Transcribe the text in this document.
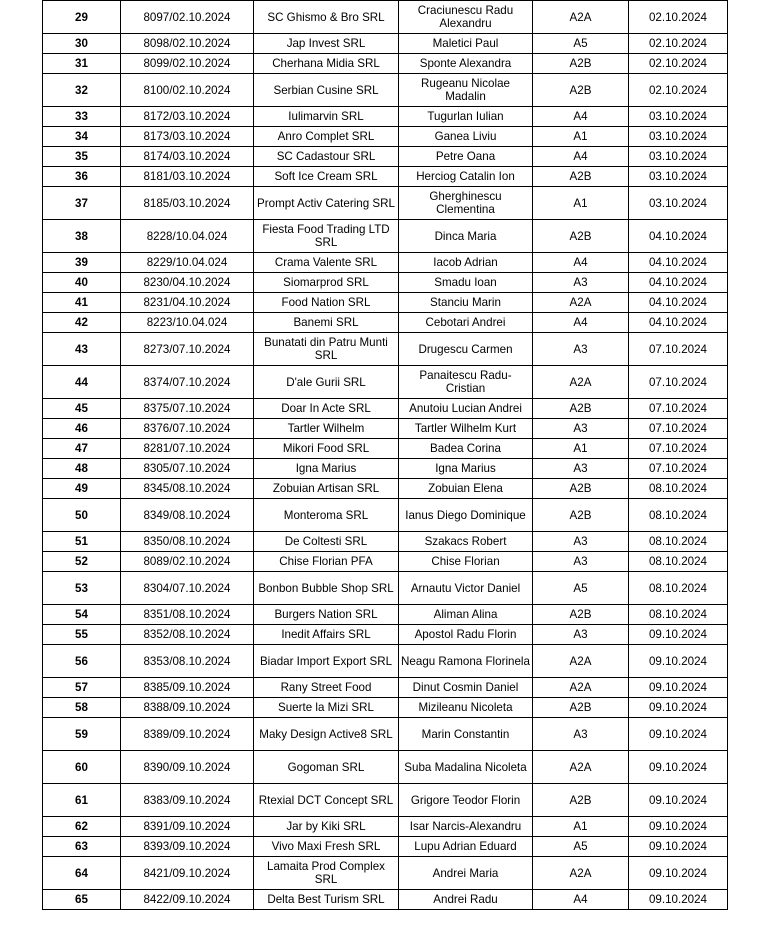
29	8097/02.10.2024	SC Ghismo & Bro SRL	Craciunescu Radu Alexandru	A2A	02.10.2024
30	8098/02.10.2024	Jap Invest SRL	Maletici Paul	A5	02.10.2024
31	8099/02.10.2024	Cherhana Midia SRL	Sponte Alexandra	A2B	02.10.2024
32	8100/02.10.2024	Serbian Cusine SRL	Rugeanu Nicolae Madalin	A2B	02.10.2024
33	8172/03.10.2024	Iulimarvin SRL	Tugurlan Iulian	A4	03.10.2024
34	8173/03.10.2024	Anro Complet SRL	Ganea Liviu	A1	03.10.2024
35	8174/03.10.2024	SC Cadastour SRL	Petre Oana	A4	03.10.2024
36	8181/03.10.2024	Soft Ice Cream SRL	Herciog Catalin Ion	A2B	03.10.2024
37	8185/03.10.2024	Prompt Activ Catering SRL	Gherghinescu Clementina	A1	03.10.2024
38	8228/10.04.024	Fiesta Food Trading LTD SRL	Dinca Maria	A2B	04.10.2024
39	8229/10.04.024	Crama Valente SRL	Iacob Adrian	A4	04.10.2024
40	8230/04.10.2024	Siomarprod SRL	Smadu Ioan	A3	04.10.2024
41	8231/04.10.2024	Food Nation SRL	Stanciu Marin	A2A	04.10.2024
42	8223/10.04.024	Banemi SRL	Cebotari Andrei	A4	04.10.2024
43	8273/07.10.2024	Bunatati din Patru Munti SRL	Drugescu Carmen	A3	07.10.2024
44	8374/07.10.2024	D'ale Gurii SRL	Panaitescu Radu-Cristian	A2A	07.10.2024
45	8375/07.10.2024	Doar In Acte SRL	Anutoiu Lucian Andrei	A2B	07.10.2024
46	8376/07.10.2024	Tartler Wilhelm	Tartler Wilhelm Kurt	A3	07.10.2024
47	8281/07.10.2024	Mikori Food SRL	Badea Corina	A1	07.10.2024
48	8305/07.10.2024	Igna Marius	Igna Marius	A3	07.10.2024
49	8345/08.10.2024	Zobuian Artisan SRL	Zobuian Elena	A2B	08.10.2024
50	8349/08.10.2024	Monteroma SRL	Ianus Diego Dominique	A2B	08.10.2024
51	8350/08.10.2024	De Coltesti SRL	Szakacs Robert	A3	08.10.2024
52	8089/02.10.2024	Chise Florian PFA	Chise Florian	A3	08.10.2024
53	8304/07.10.2024	Bonbon Bubble Shop SRL	Arnautu Victor Daniel	A5	08.10.2024
54	8351/08.10.2024	Burgers Nation SRL	Aliman Alina	A2B	08.10.2024
55	8352/08.10.2024	Inedit Affairs SRL	Apostol Radu Florin	A3	09.10.2024
56	8353/08.10.2024	Biadar Import Export SRL	Neagu Ramona Florinela	A2A	09.10.2024
57	8385/09.10.2024	Rany Street Food	Dinut Cosmin Daniel	A2A	09.10.2024
58	8388/09.10.2024	Suerte la Mizi SRL	Mizileanu Nicoleta	A2B	09.10.2024
59	8389/09.10.2024	Maky Design Active8 SRL	Marin Constantin	A3	09.10.2024
60	8390/09.10.2024	Gogoman SRL	Suba Madalina Nicoleta	A2A	09.10.2024
61	8383/09.10.2024	Rtexial DCT Concept SRL	Grigore Teodor Florin	A2B	09.10.2024
62	8391/09.10.2024	Jar by Kiki SRL	Isar Narcis-Alexandru	A1	09.10.2024
63	8393/09.10.2024	Vivo Maxi Fresh SRL	Lupu Adrian Eduard	A5	09.10.2024
64	8421/09.10.2024	Lamaita Prod Complex SRL	Andrei Maria	A2A	09.10.2024
65	8422/09.10.2024	Delta Best Turism SRL	Andrei Radu	A4	09.10.2024
